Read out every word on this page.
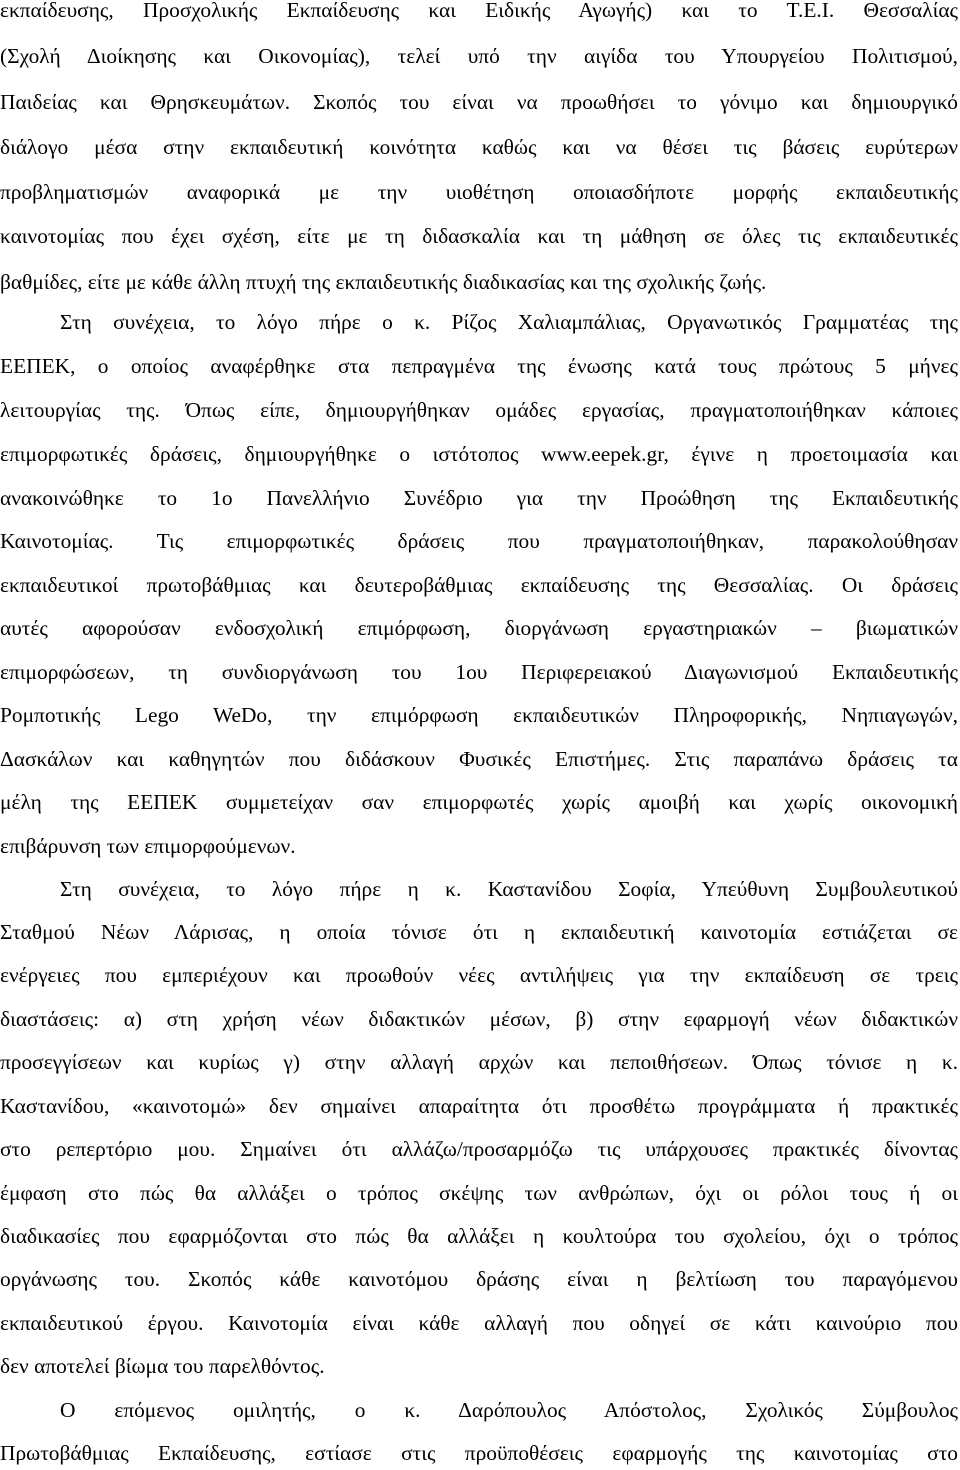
εκπαίδευσης, Προσχολικής Εκπαίδευσης και Ειδικής Αγωγής) και το Τ.Ε.Ι. Θεσσαλίας
(Σχολή Διοίκησης και Οικονομίας), τελεί υπό την αιγίδα του Υπουργείου Πολιτισμού,
Παιδείας και Θρησκευμάτων. Σκοπός του είναι να προωθήσει το γόνιμο και δημιουργικό
διάλογο μέσα στην εκπαιδευτική κοινότητα καθώς και να θέσει τις βάσεις ευρύτερων
προβληματισμών αναφορικά με την υιοθέτηση οποιασδήποτε μορφής εκπαιδευτικής
καινοτομίας που έχει σχέση, είτε με τη διδασκαλία και τη μάθηση σε όλες τις εκπαιδευτικές
βαθμίδες, είτε με κάθε άλλη πτυχή της εκπαιδευτικής διαδικασίας και της σχολικής ζωής.
Στη συνέχεια, το λόγο πήρε ο κ. Ρίζος Χαλιαμπάλιας, Οργανωτικός Γραμματέας της
ΕΕΠΕΚ, ο οποίος αναφέρθηκε στα πεπραγμένα της ένωσης κατά τους πρώτους 5 μήνες
λειτουργίας της. Όπως είπε, δημιουργήθηκαν ομάδες εργασίας, πραγματοποιήθηκαν κάποιες
επιμορφωτικές δράσεις, δημιουργήθηκε ο ιστότοπος www.eepek.gr, έγινε η προετοιμασία και
ανακοινώθηκε το 1ο Πανελλήνιο Συνέδριο για την Προώθηση της Εκπαιδευτικής
Καινοτομίας. Τις επιμορφωτικές δράσεις που πραγματοποιήθηκαν, παρακολούθησαν
εκπαιδευτικοί πρωτοβάθμιας και δευτεροβάθμιας εκπαίδευσης της Θεσσαλίας. Οι δράσεις
αυτές αφορούσαν ενδοσχολική επιμόρφωση, διοργάνωση εργαστηριακών – βιωματικών
επιμορφώσεων, τη συνδιοργάνωση του 1ου Περιφερειακού Διαγωνισμού Εκπαιδευτικής
Ρομποτικής Lego WeDo, την επιμόρφωση εκπαιδευτικών Πληροφορικής, Νηπιαγωγών,
Δασκάλων και καθηγητών που διδάσκουν Φυσικές Επιστήμες. Στις παραπάνω δράσεις τα
μέλη της ΕΕΠΕΚ συμμετείχαν σαν επιμορφωτές χωρίς αμοιβή και χωρίς οικονομική
επιβάρυνση των επιμορφούμενων.
Στη συνέχεια, το λόγο πήρε η κ. Καστανίδου Σοφία, Υπεύθυνη Συμβουλευτικού
Σταθμού Νέων Λάρισας, η οποία τόνισε ότι η εκπαιδευτική καινοτομία εστιάζεται σε
ενέργειες που εμπεριέχουν και προωθούν νέες αντιλήψεις για την εκπαίδευση σε τρεις
διαστάσεις: α) στη χρήση νέων διδακτικών μέσων, β) στην εφαρμογή νέων διδακτικών
προσεγγίσεων και κυρίως γ) στην αλλαγή αρχών και πεποιθήσεων. Όπως τόνισε η κ.
Καστανίδου, «καινοτομώ» δεν σημαίνει απαραίτητα ότι προσθέτω προγράμματα ή πρακτικές
στο ρεπερτόριο μου. Σημαίνει ότι αλλάζω/προσαρμόζω τις υπάρχουσες πρακτικές δίνοντας
έμφαση στο πώς θα αλλάξει ο τρόπος σκέψης των ανθρώπων, όχι οι ρόλοι τους ή οι
διαδικασίες που εφαρμόζονται στο πώς θα αλλάξει η κουλτούρα του σχολείου, όχι ο τρόπος
οργάνωσης του. Σκοπός κάθε καινοτόμου δράσης είναι η βελτίωση του παραγόμενου
εκπαιδευτικού έργου. Καινοτομία είναι κάθε αλλαγή που οδηγεί σε κάτι καινούριο που
δεν αποτελεί βίωμα του παρελθόντος.
Ο επόμενος ομιλητής, ο κ. Δαρόπουλος Απόστολος, Σχολικός Σύμβουλος
Πρωτοβάθμιας Εκπαίδευσης, εστίασε στις προϋποθέσεις εφαρμογής της καινοτομίας στο
